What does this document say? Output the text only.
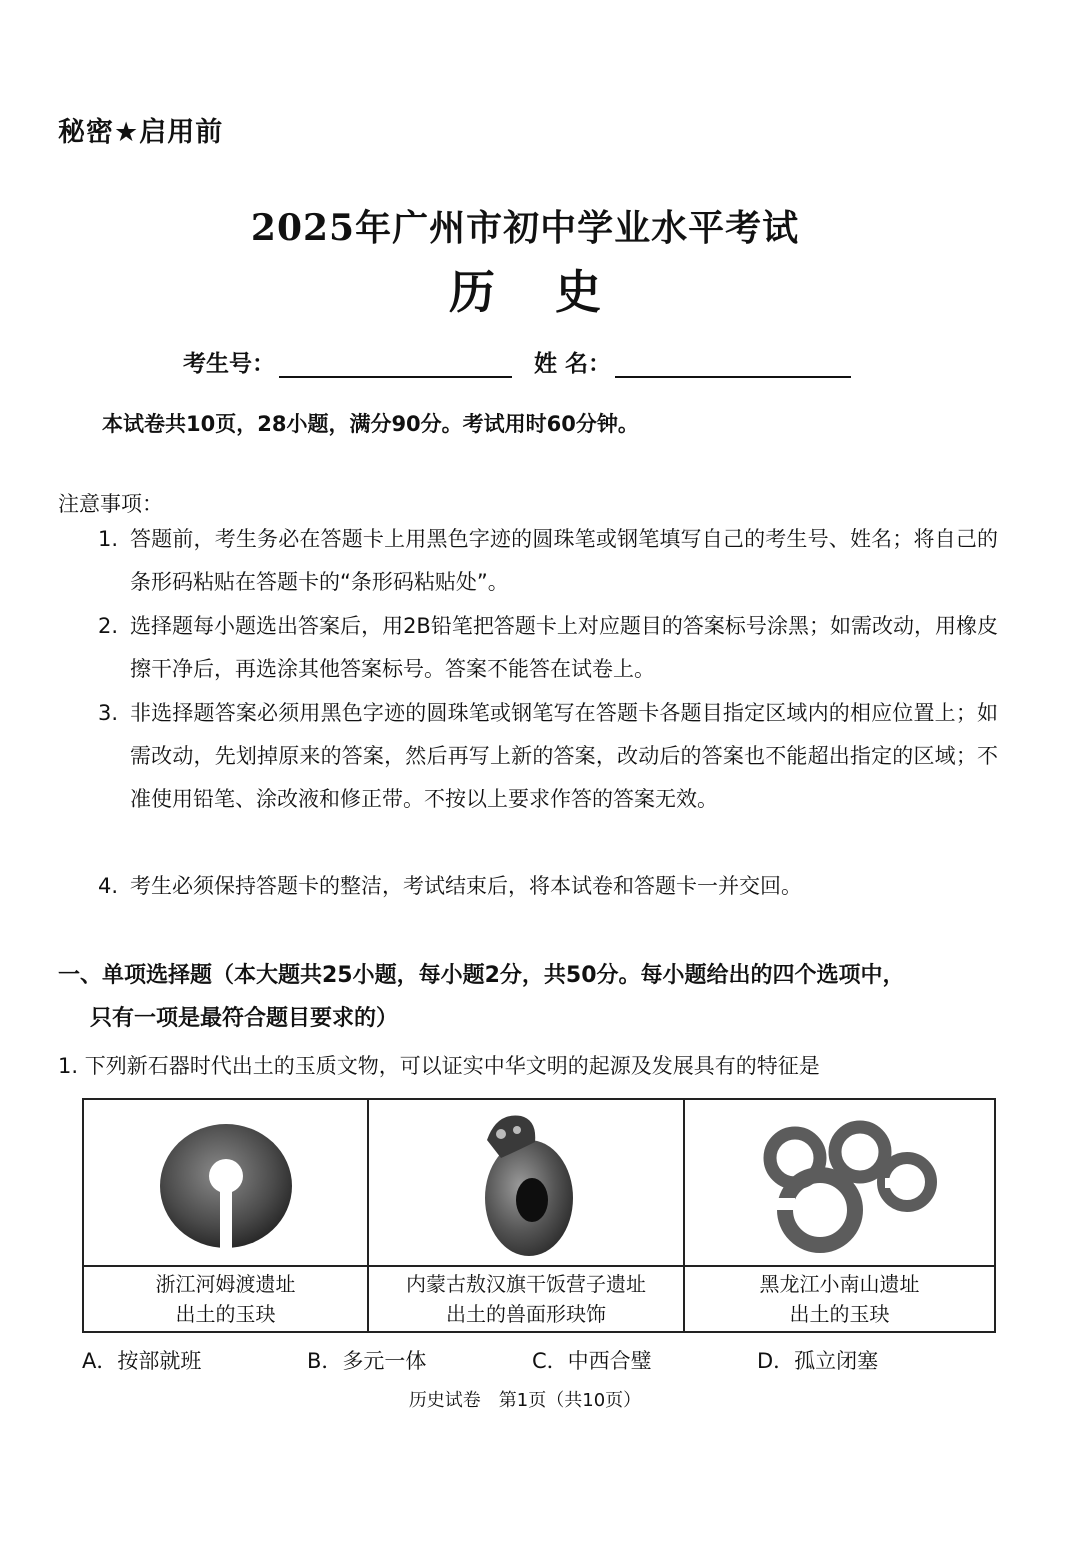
秘密★启用前
2025年广州市初中学业水平考试
历史
考生号：	姓 名：
本试卷共10页，28小题，满分90分。考试用时60分钟。
注意事项：
1. 答题前，考生务必在答题卡上用黑色字迹的圆珠笔或钢笔填写自己的考生号、姓名；将自己的条形码粘贴在答题卡的“条形码粘贴处”。
2. 选择题每小题选出答案后，用2B铅笔把答题卡上对应题目的答案标号涂黑；如需改动，用橡皮擦干净后，再选涂其他答案标号。答案不能答在试卷上。
3. 非选择题答案必须用黑色字迹的圆珠笔或钢笔写在答题卡各题目指定区域内的相应位置上；如需改动，先划掉原来的答案，然后再写上新的答案，改动后的答案也不能超出指定的区域；不准使用铅笔、涂改液和修正带。不按以上要求作答的答案无效。
4. 考生必须保持答题卡的整洁，考试结束后，将本试卷和答题卡一并交回。
一、单项选择题（本大题共25小题，每小题2分，共50分。每小题给出的四个选项中，
只有一项是最符合题目要求的）
1. 下列新石器时代出土的玉质文物，可以证实中华文明的起源及发展具有的特征是
浙江河姆渡遗址
出土的玉玦
内蒙古敖汉旗干饭营子遗址
出土的兽面形玦饰
黑龙江小南山遗址
出土的玉玦
A．按部就班	B．多元一体	C．中西合璧	D．孤立闭塞
历史试卷　第1页（共10页）
